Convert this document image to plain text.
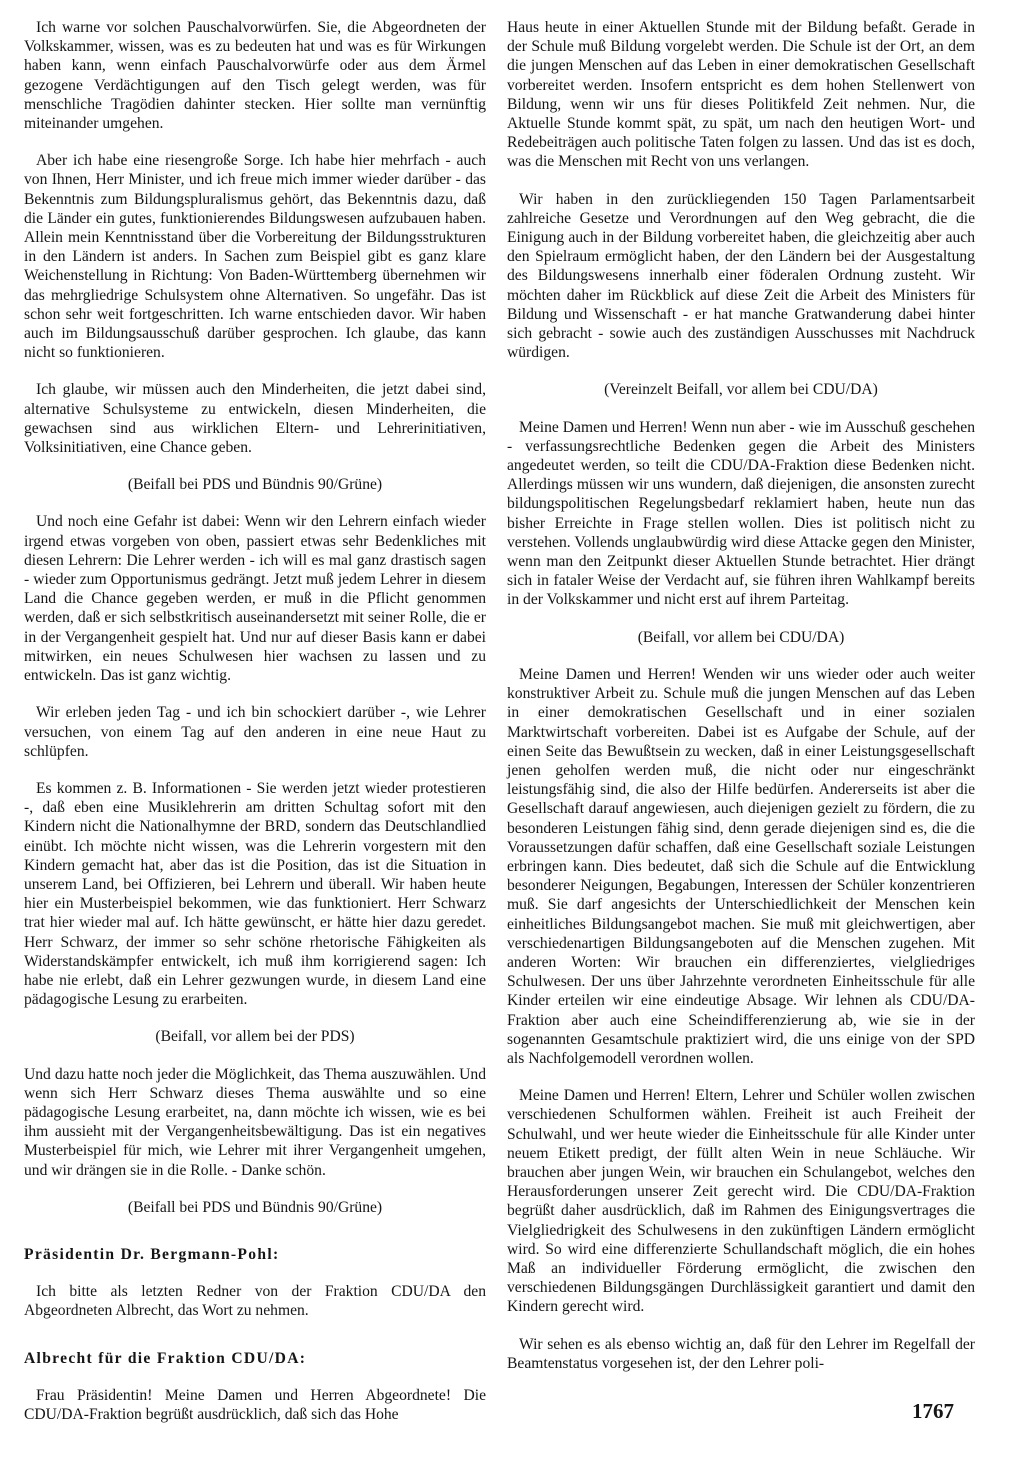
Ich warne vor solchen Pauschalvorwürfen. Sie, die Abgeordneten der Volkskammer, wissen, was es zu bedeuten hat und was es für Wirkungen haben kann, wenn einfach Pauschalvorwürfe oder aus dem Ärmel gezogene Verdächtigungen auf den Tisch gelegt werden, was für menschliche Tragödien dahinter stecken. Hier sollte man vernünftig miteinander umgehen.

Aber ich habe eine riesengroße Sorge. Ich habe hier mehrfach - auch von Ihnen, Herr Minister, und ich freue mich immer wieder darüber - das Bekenntnis zum Bildungspluralismus gehört, das Bekenntnis dazu, daß die Länder ein gutes, funktionierendes Bildungswesen aufzubauen haben. Allein mein Kenntnisstand über die Vorbereitung der Bildungsstrukturen in den Ländern ist anders. In Sachen zum Beispiel gibt es ganz klare Weichenstellung in Richtung: Von Baden-Württemberg übernehmen wir das mehrgliedrige Schulsystem ohne Alternativen. So ungefähr. Das ist schon sehr weit fortgeschritten. Ich warne entschieden davor. Wir haben auch im Bildungsausschuß darüber gesprochen. Ich glaube, das kann nicht so funktionieren.

Ich glaube, wir müssen auch den Minderheiten, die jetzt dabei sind, alternative Schulsysteme zu entwickeln, diesen Minderheiten, die gewachsen sind aus wirklichen Eltern- und Lehrerinitiativen, Volksinitiativen, eine Chance geben.

(Beifall bei PDS und Bündnis 90/Grüne)

Und noch eine Gefahr ist dabei: Wenn wir den Lehrern einfach wieder irgend etwas vorgeben von oben, passiert etwas sehr Bedenkliches mit diesen Lehrern: Die Lehrer werden - ich will es mal ganz drastisch sagen - wieder zum Opportunismus gedrängt. Jetzt muß jedem Lehrer in diesem Land die Chance gegeben werden, er muß in die Pflicht genommen werden, daß er sich selbstkritisch auseinandersetzt mit seiner Rolle, die er in der Vergangenheit gespielt hat. Und nur auf dieser Basis kann er dabei mitwirken, ein neues Schulwesen hier wachsen zu lassen und zu entwickeln. Das ist ganz wichtig.

Wir erleben jeden Tag - und ich bin schockiert darüber -, wie Lehrer versuchen, von einem Tag auf den anderen in eine neue Haut zu schlüpfen.

Es kommen z. B. Informationen - Sie werden jetzt wieder protestieren -, daß eben eine Musiklehrerin am dritten Schultag sofort mit den Kindern nicht die Nationalhymne der BRD, sondern das Deutschlandlied einübt. Ich möchte nicht wissen, was die Lehrerin vorgestern mit den Kindern gemacht hat, aber das ist die Position, das ist die Situation in unserem Land, bei Offizieren, bei Lehrern und überall. Wir haben heute hier ein Musterbeispiel bekommen, wie das funktioniert. Herr Schwarz trat hier wieder mal auf. Ich hätte gewünscht, er hätte hier dazu geredet. Herr Schwarz, der immer so sehr schöne rhetorische Fähigkeiten als Widerstandskämpfer entwickelt, ich muß ihm korrigierend sagen: Ich habe nie erlebt, daß ein Lehrer gezwungen wurde, in diesem Land eine pädagogische Lesung zu erarbeiten.

(Beifall, vor allem bei der PDS)

Und dazu hatte noch jeder die Möglichkeit, das Thema auszuwählen. Und wenn sich Herr Schwarz dieses Thema auswählte und so eine pädagogische Lesung erarbeitet, na, dann möchte ich wissen, wie es bei ihm aussieht mit der Vergangenheitsbewältigung. Das ist ein negatives Musterbeispiel für mich, wie Lehrer mit ihrer Vergangenheit umgehen, und wir drängen sie in die Rolle. - Danke schön.

(Beifall bei PDS und Bündnis 90/Grüne)

Präsidentin Dr. Bergmann-Pohl:

Ich bitte als letzten Redner von der Fraktion CDU/DA den Abgeordneten Albrecht, das Wort zu nehmen.

Albrecht für die Fraktion CDU/DA:

Frau Präsidentin! Meine Damen und Herren Abgeordnete! Die CDU/DA-Fraktion begrüßt ausdrücklich, daß sich das Hohe

Haus heute in einer Aktuellen Stunde mit der Bildung befaßt. Gerade in der Schule muß Bildung vorgelebt werden. Die Schule ist der Ort, an dem die jungen Menschen auf das Leben in einer demokratischen Gesellschaft vorbereitet werden. Insofern entspricht es dem hohen Stellenwert von Bildung, wenn wir uns für dieses Politikfeld Zeit nehmen. Nur, die Aktuelle Stunde kommt spät, zu spät, um nach den heutigen Wort- und Redebeiträgen auch politische Taten folgen zu lassen. Und das ist es doch, was die Menschen mit Recht von uns verlangen.

Wir haben in den zurückliegenden 150 Tagen Parlamentsarbeit zahlreiche Gesetze und Verordnungen auf den Weg gebracht, die die Einigung auch in der Bildung vorbereitet haben, die gleichzeitig aber auch den Spielraum ermöglicht haben, der den Ländern bei der Ausgestaltung des Bildungswesens innerhalb einer föderalen Ordnung zusteht. Wir möchten daher im Rückblick auf diese Zeit die Arbeit des Ministers für Bildung und Wissenschaft - er hat manche Gratwanderung dabei hinter sich gebracht - sowie auch des zuständigen Ausschusses mit Nachdruck würdigen.

(Vereinzelt Beifall, vor allem bei CDU/DA)

Meine Damen und Herren! Wenn nun aber - wie im Ausschuß geschehen - verfassungsrechtliche Bedenken gegen die Arbeit des Ministers angedeutet werden, so teilt die CDU/DA-Fraktion diese Bedenken nicht. Allerdings müssen wir uns wundern, daß diejenigen, die ansonsten zurecht bildungspolitischen Regelungsbedarf reklamiert haben, heute nun das bisher Erreichte in Frage stellen wollen. Dies ist politisch nicht zu verstehen. Vollends unglaubwürdig wird diese Attacke gegen den Minister, wenn man den Zeitpunkt dieser Aktuellen Stunde betrachtet. Hier drängt sich in fataler Weise der Verdacht auf, sie führen ihren Wahlkampf bereits in der Volkskammer und nicht erst auf ihrem Parteitag.

(Beifall, vor allem bei CDU/DA)

Meine Damen und Herren! Wenden wir uns wieder oder auch weiter konstruktiver Arbeit zu. Schule muß die jungen Menschen auf das Leben in einer demokratischen Gesellschaft und in einer sozialen Marktwirtschaft vorbereiten. Dabei ist es Aufgabe der Schule, auf der einen Seite das Bewußtsein zu wecken, daß in einer Leistungsgesellschaft jenen geholfen werden muß, die nicht oder nur eingeschränkt leistungsfähig sind, die also der Hilfe bedürfen. Andererseits ist aber die Gesellschaft darauf angewiesen, auch diejenigen gezielt zu fördern, die zu besonderen Leistungen fähig sind, denn gerade diejenigen sind es, die die Voraussetzungen dafür schaffen, daß eine Gesellschaft soziale Leistungen erbringen kann. Dies bedeutet, daß sich die Schule auf die Entwicklung besonderer Neigungen, Begabungen, Interessen der Schüler konzentrieren muß. Sie darf angesichts der Unterschiedlichkeit der Menschen kein einheitliches Bildungsangebot machen. Sie muß mit gleichwertigen, aber verschiedenartigen Bildungsangeboten auf die Menschen zugehen. Mit anderen Worten: Wir brauchen ein differenziertes, vielgliedriges Schulwesen. Der uns über Jahrzehnte verordneten Einheitsschule für alle Kinder erteilen wir eine eindeutige Absage. Wir lehnen als CDU/DA-Fraktion aber auch eine Scheindifferenzierung ab, wie sie in der sogenannten Gesamtschule praktiziert wird, die uns einige von der SPD als Nachfolgemodell verordnen wollen.

Meine Damen und Herren! Eltern, Lehrer und Schüler wollen zwischen verschiedenen Schulformen wählen. Freiheit ist auch Freiheit der Schulwahl, und wer heute wieder die Einheitsschule für alle Kinder unter neuem Etikett predigt, der füllt alten Wein in neue Schläuche. Wir brauchen aber jungen Wein, wir brauchen ein Schulangebot, welches den Herausforderungen unserer Zeit gerecht wird. Die CDU/DA-Fraktion begrüßt daher ausdrücklich, daß im Rahmen des Einigungsvertrages die Vielgliedrigkeit des Schulwesens in den zukünftigen Ländern ermöglicht wird. So wird eine differenzierte Schullandschaft möglich, die ein hohes Maß an individueller Förderung ermöglicht, die zwischen den verschiedenen Bildungsgängen Durchlässigkeit garantiert und damit den Kindern gerecht wird.

Wir sehen es als ebenso wichtig an, daß für den Lehrer im Regelfall der Beamtenstatus vorgesehen ist, der den Lehrer poli-

1767
